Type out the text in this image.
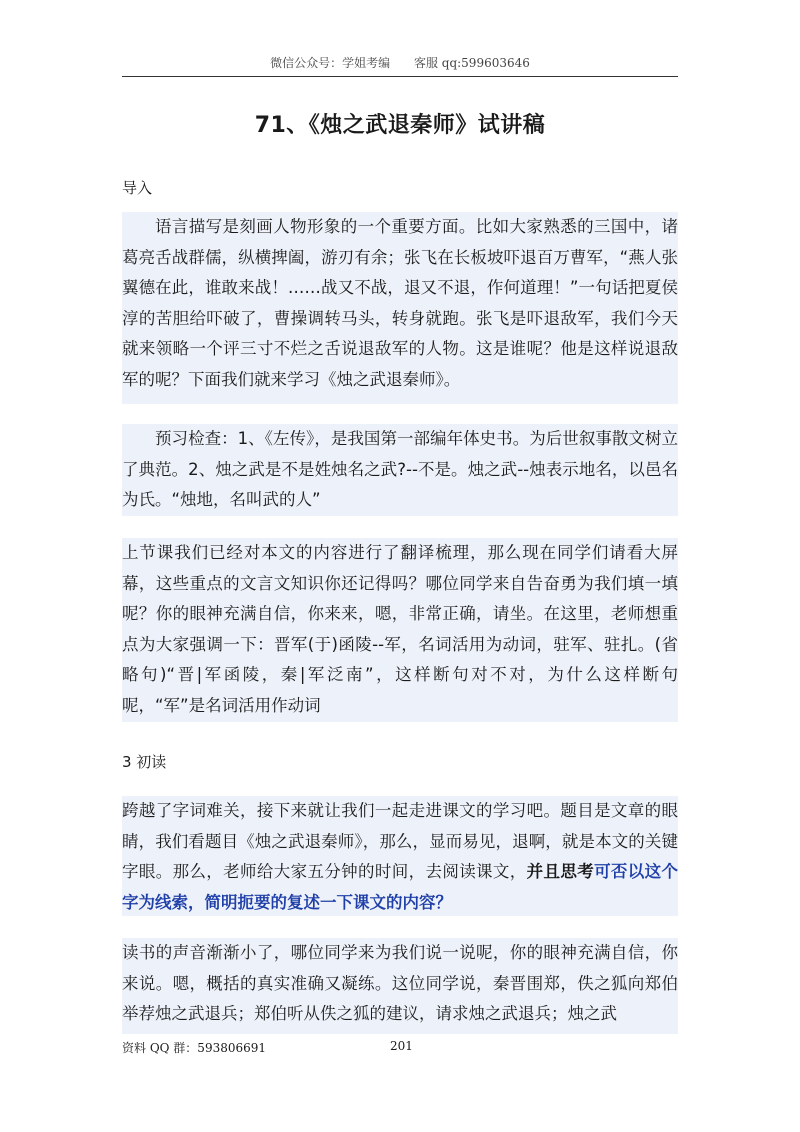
微信公众号：学姐考编 客服 qq:599603646
71、《烛之武退秦师》试讲稿
导入

语言描写是刻画人物形象的一个重要方面。比如大家熟悉的三国中，诸葛亮舌战群儒，纵横捭阖，游刃有余；张飞在长板坡吓退百万曹军，“燕人张翼德在此，谁敢来战！……战又不战，退又不退，作何道理！”一句话把夏侯淳的苦胆给吓破了，曹操调转马头，转身就跑。张飞是吓退敌军，我们今天就来领略一个评三寸不烂之舌说退敌军的人物。这是谁呢？他是这样说退敌军的呢？下面我们就来学习《烛之武退秦师》。

预习检查：1、《左传》，是我国第一部编年体史书。为后世叙事散文树立了典范。2、烛之武是不是姓烛名之武?--不是。烛之武--烛表示地名，以邑名为氏。“烛地，名叫武的人”

上节课我们已经对本文的内容进行了翻译梳理，那么现在同学们请看大屏幕，这些重点的文言文知识你还记得吗？哪位同学来自告奋勇为我们填一填呢？你的眼神充满自信，你来来，嗯，非常正确，请坐。在这里，老师想重点为大家强调一下：晋军(于)函陵--军，名词活用为动词，驻军、驻扎。(省略句)“晋|军函陵，秦|军泛南”，这样断句对不对，为什么这样断句呢，“军”是名词活用作动词

3 初读

跨越了字词难关，接下来就让我们一起走进课文的学习吧。题目是文章的眼睛，我们看题目《烛之武退秦师》，那么，显而易见，退啊，就是本文的关键字眼。那么，老师给大家五分钟的时间，去阅读课文，并且思考可否以这个字为线索，简明扼要的复述一下课文的内容？

读书的声音渐渐小了，哪位同学来为我们说一说呢，你的眼神充满自信，你来说。嗯，概括的真实准确又凝练。这位同学说，秦晋围郑，佚之狐向郑伯举荐烛之武退兵；郑伯听从佚之狐的建议，请求烛之武退兵；烛之武

资料 QQ 群：593806691	201
